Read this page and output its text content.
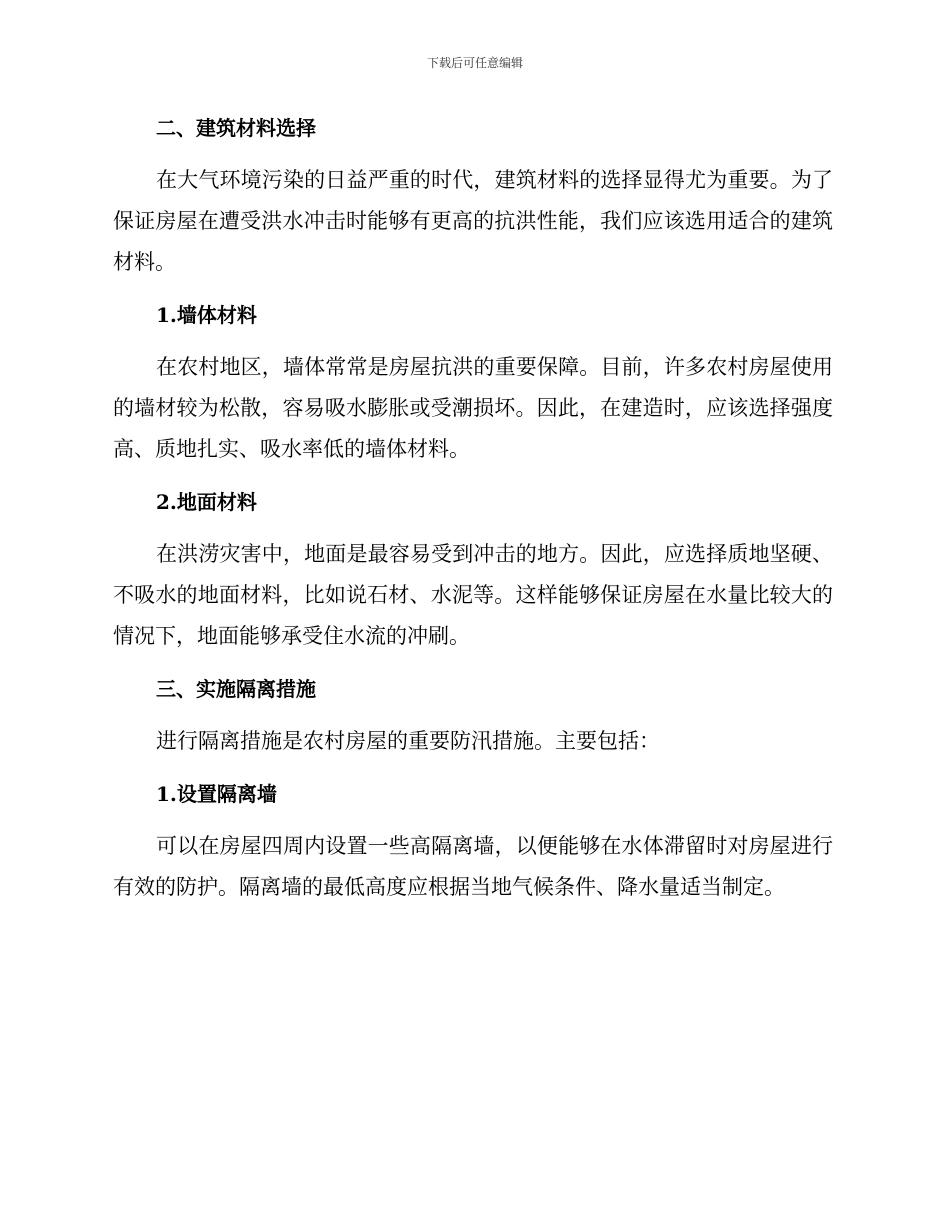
下载后可任意编辑
二、建筑材料选择
在大气环境污染的日益严重的时代，建筑材料的选择显得尤为重要。为了保证房屋在遭受洪水冲击时能够有更高的抗洪性能，我们应该选用适合的建筑材料。
1.墙体材料
在农村地区，墙体常常是房屋抗洪的重要保障。目前，许多农村房屋使用的墙材较为松散，容易吸水膨胀或受潮损坏。因此，在建造时，应该选择强度高、质地扎实、吸水率低的墙体材料。
2.地面材料
在洪涝灾害中，地面是最容易受到冲击的地方。因此，应选择质地坚硬、不吸水的地面材料，比如说石材、水泥等。这样能够保证房屋在水量比较大的情况下，地面能够承受住水流的冲刷。
三、实施隔离措施
进行隔离措施是农村房屋的重要防汛措施。主要包括：
1.设置隔离墙
可以在房屋四周内设置一些高隔离墙，以便能够在水体滞留时对房屋进行有效的防护。隔离墙的最低高度应根据当地气候条件、降水量适当制定。
